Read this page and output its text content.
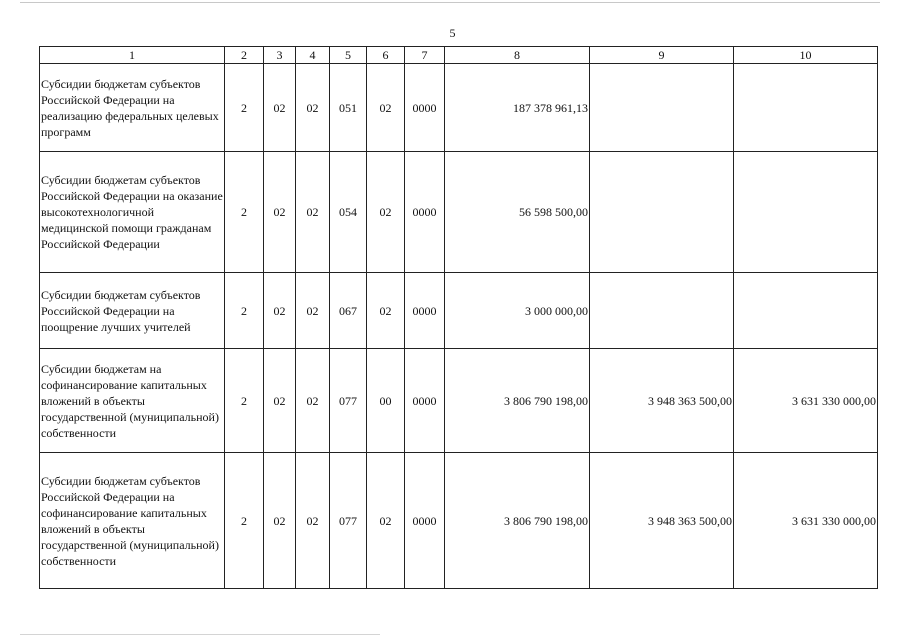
5
1	2	3	4	5	6	7	8	9	10
Субсидии бюджетам субъектов Российской Федерации на реализацию федеральных целевых программ	2	02	02	051	02	0000	187 378 961,13		
Субсидии бюджетам субъектов Российской Федерации на оказание высокотехнологичной медицинской помощи гражданам Российской Федерации	2	02	02	054	02	0000	56 598 500,00		
Субсидии бюджетам субъектов Российской Федерации на поощрение лучших учителей	2	02	02	067	02	0000	3 000 000,00		
Субсидии бюджетам на софинансирование капитальных вложений в объекты государственной (муниципальной) собственности	2	02	02	077	00	0000	3 806 790 198,00	3 948 363 500,00	3 631 330 000,00
Субсидии бюджетам субъектов Российской Федерации на софинансирование капитальных вложений в объекты государственной (муниципальной) собственности	2	02	02	077	02	0000	3 806 790 198,00	3 948 363 500,00	3 631 330 000,00
